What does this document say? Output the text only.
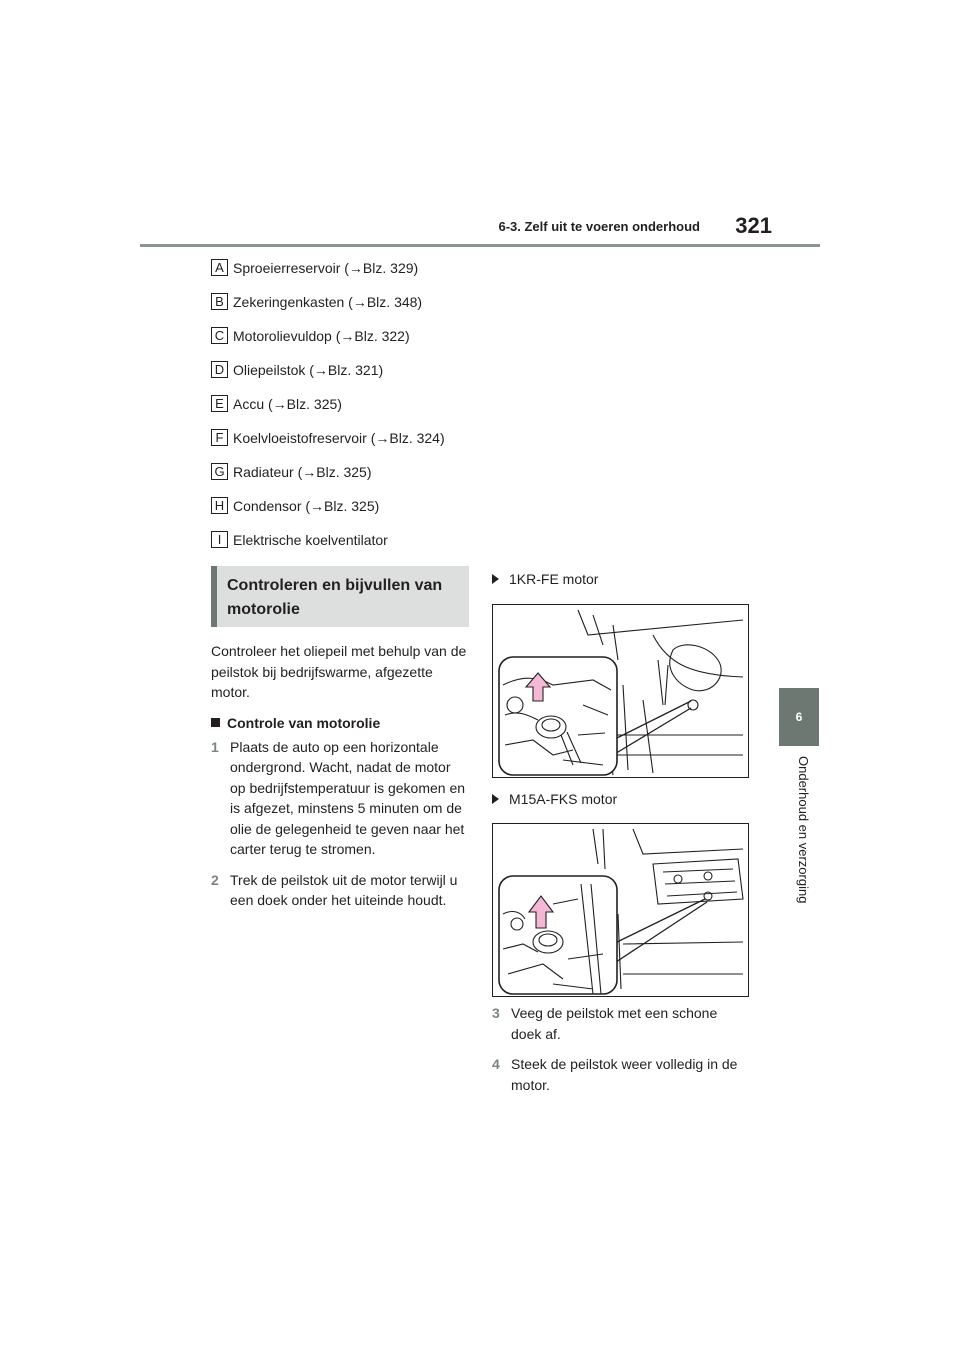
6-3. Zelf uit te voeren onderhoud 321
6
Onderhoud en verzorging
A Sproeierreservoir (→Blz. 329)
B Zekeringenkasten (→Blz. 348)
C Motorolievuldop (→Blz. 322)
D Oliepeilstok (→Blz. 321)
E Accu (→Blz. 325)
F Koelvloeistofreservoir (→Blz. 324)
G Radiateur (→Blz. 325)
H Condensor (→Blz. 325)
I Elektrische koelventilator
Controleren en bijvullen van motorolie
Controleer het oliepeil met behulp van de peilstok bij bedrijfswarme, afgezette motor.
Controle van motorolie
1 Plaats de auto op een horizontale ondergrond. Wacht, nadat de motor op bedrijfstemperatuur is gekomen en is afgezet, minstens 5 minuten om de olie de gelegenheid te geven naar het carter terug te stromen.
2 Trek de peilstok uit de motor terwijl u een doek onder het uiteinde houdt.
1KR-FE motor
M15A-FKS motor
3 Veeg de peilstok met een schone doek af.
4 Steek de peilstok weer volledig in de motor.
